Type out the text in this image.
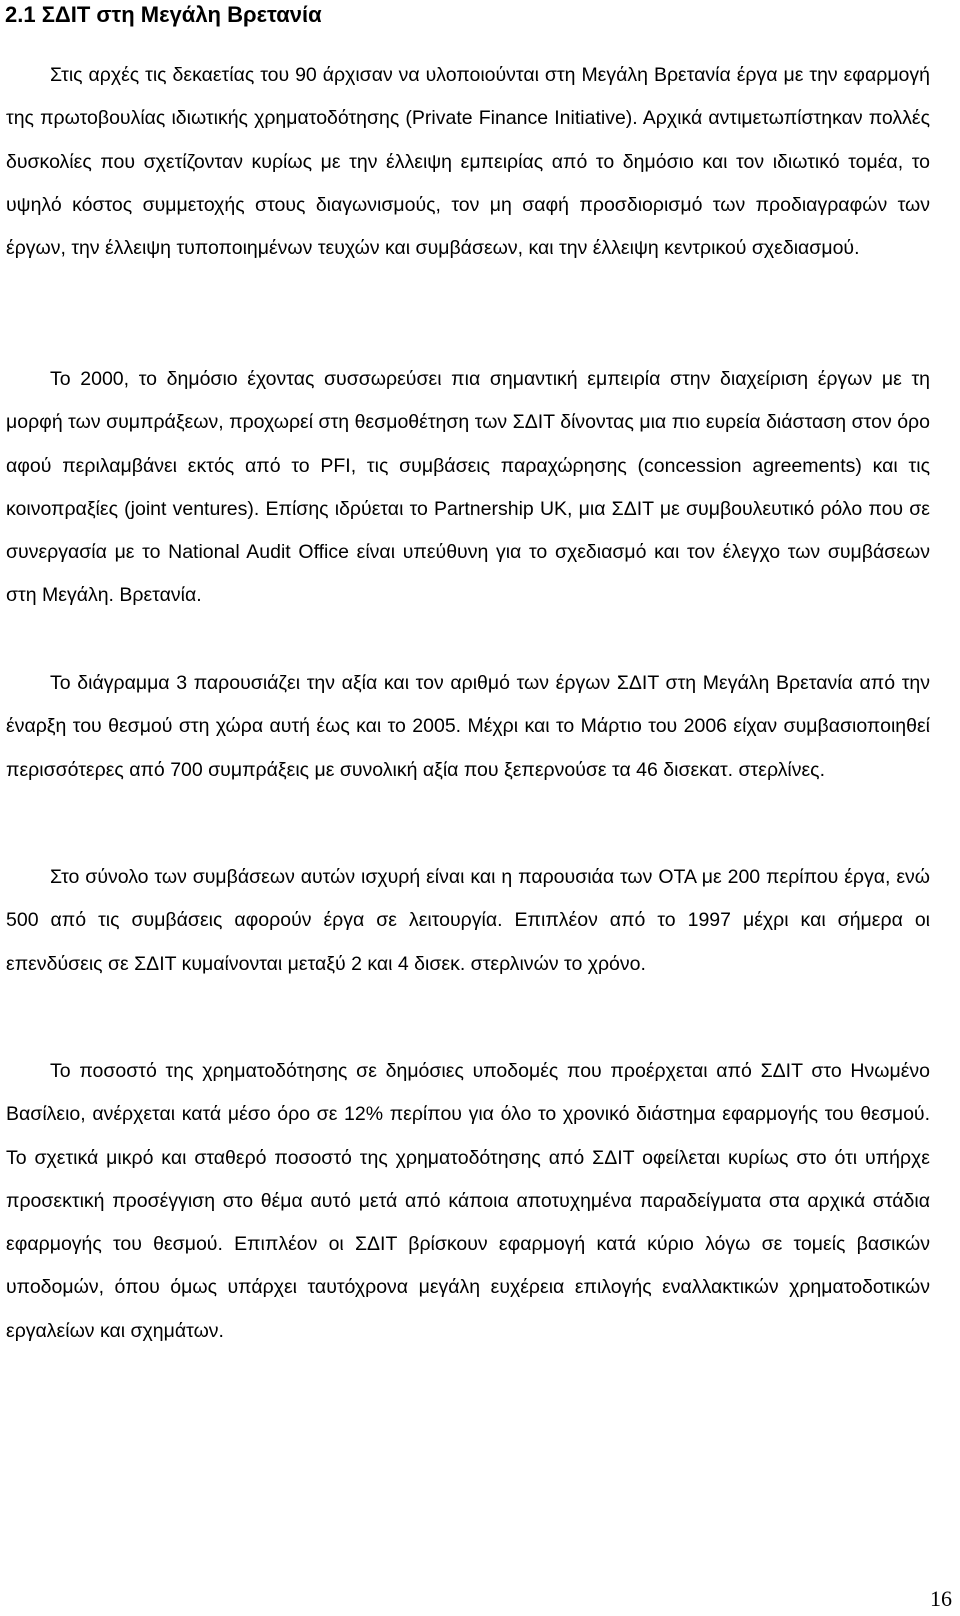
2.1 ΣΔΙΤ στη Μεγάλη Βρετανία

Στις αρχές τις δεκαετίας του 90 άρχισαν να υλοποιούνται στη Μεγάλη Βρετανία έργα με την εφαρμογή της πρωτοβουλίας ιδιωτικής χρηματοδότησης (Private Finance Initiative). Αρχικά αντιμετωπίστηκαν πολλές δυσκολίες που σχετίζονταν κυρίως με την έλλειψη εμπειρίας από το δημόσιο και τον ιδιωτικό τομέα, το υψηλό κόστος συμμετοχής στους διαγωνισμούς, τον μη σαφή προσδιορισμό των προδιαγραφών των έργων, την έλλειψη τυποποιημένων τευχών και συμβάσεων, και την έλλειψη κεντρικού σχεδιασμού.

Το 2000, το δημόσιο έχοντας συσσωρεύσει πια σημαντική εμπειρία στην διαχείριση έργων με τη μορφή των συμπράξεων, προχωρεί στη θεσμοθέτηση των ΣΔΙΤ δίνοντας μια πιο ευρεία διάσταση στον όρο αφού περιλαμβάνει εκτός από το PFI, τις συμβάσεις παραχώρησης (concession agreements) και τις κοινοπραξίες (joint ventures). Επίσης ιδρύεται το Partnership UK, μια ΣΔΙΤ με συμβουλευτικό ρόλο που σε συνεργασία με το National Audit Office είναι υπεύθυνη για το σχεδιασμό και τον έλεγχο των συμβάσεων στη Μεγάλη. Βρετανία.

Το διάγραμμα 3 παρουσιάζει την αξία και τον αριθμό των έργων ΣΔΙΤ στη Μεγάλη Βρετανία από την έναρξη του θεσμού στη χώρα αυτή έως και το 2005. Μέχρι και το Μάρτιο του 2006 είχαν συμβασιοποιηθεί περισσότερες από 700 συμπράξεις με συνολική αξία που ξεπερνούσε τα 46 δισεκατ. στερλίνες.

Στο σύνολο των συμβάσεων αυτών ισχυρή είναι και η παρουσιάα των ΟΤΑ με 200 περίπου έργα, ενώ 500 από τις συμβάσεις αφορούν έργα σε λειτουργία. Επιπλέον από το 1997 μέχρι και σήμερα οι επενδύσεις σε ΣΔΙΤ κυμαίνονται μεταξύ 2 και 4 δισεκ. στερλινών το χρόνο.

Το ποσοστό της χρηματοδότησης σε δημόσιες υποδομές που προέρχεται από ΣΔΙΤ στο Ηνωμένο Βασίλειο, ανέρχεται κατά μέσο όρο σε 12% περίπου για όλο το χρονικό διάστημα εφαρμογής του θεσμού. Το σχετικά μικρό και σταθερό ποσοστό της χρηματοδότησης από ΣΔΙΤ οφείλεται κυρίως στο ότι υπήρχε προσεκτική προσέγγιση στο θέμα αυτό μετά από κάποια αποτυχημένα παραδείγματα στα αρχικά στάδια εφαρμογής του θεσμού. Επιπλέον οι ΣΔΙΤ βρίσκουν εφαρμογή κατά κύριο λόγω σε τομείς βασικών υποδομών, όπου όμως υπάρχει ταυτόχρονα μεγάλη ευχέρεια επιλογής εναλλακτικών χρηματοδοτικών εργαλείων και σχημάτων.

16
